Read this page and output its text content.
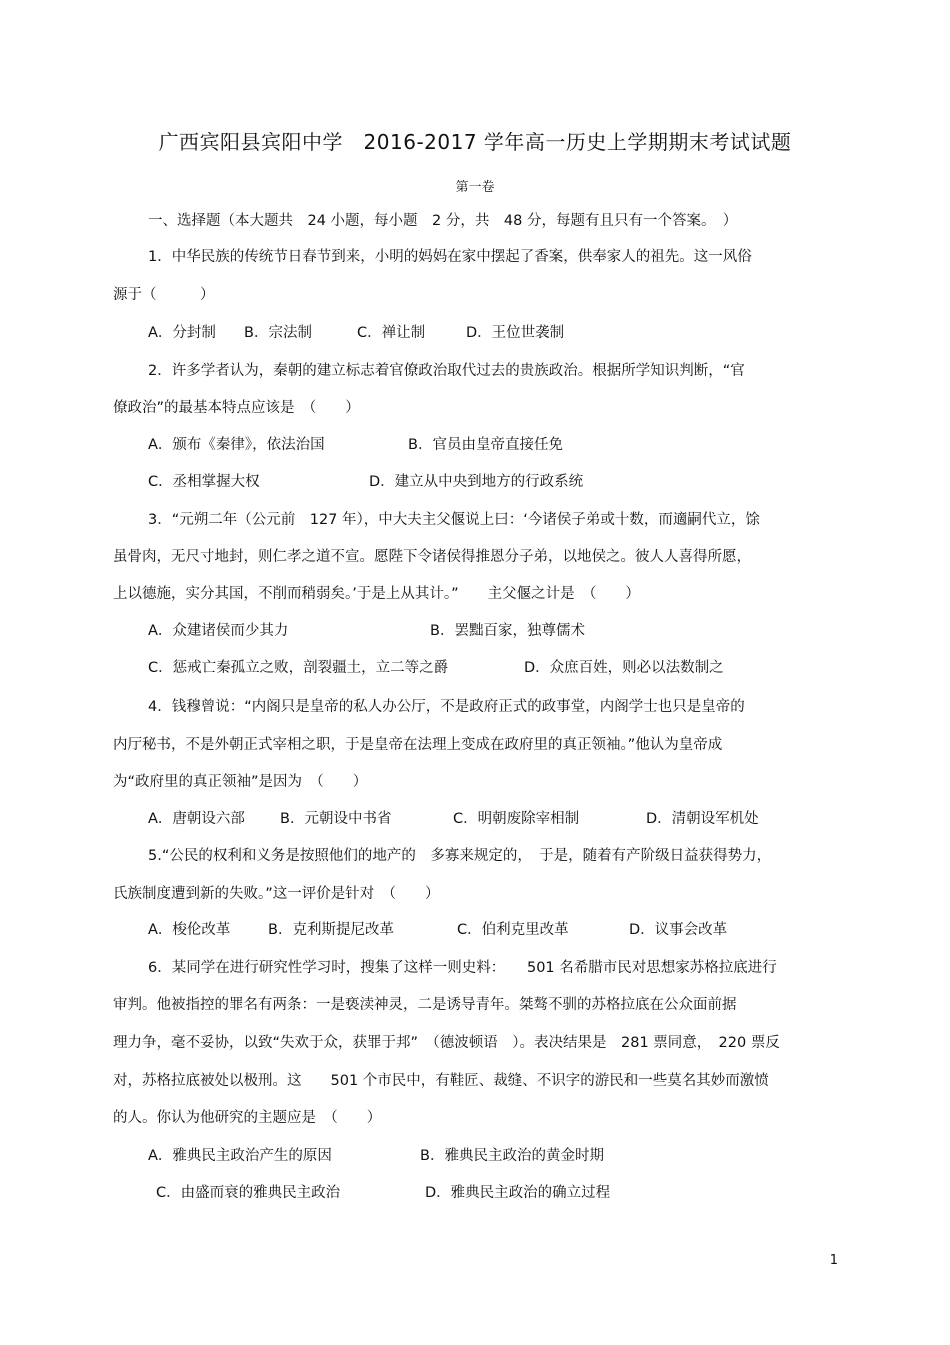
广西宾阳县宾阳中学　2016-2017 学年高一历史上学期期末考试试题
第一卷
一、选择题（本大题共　24 小题，每小题　2 分，共　48 分，每题有且只有一个答案。　）
1．中华民族的传统节日春节到来，小明的妈妈在家中摆起了香案，供奉家人的祖先。这一风俗
源于（　　　）
A．分封制 B．宗法制	C．禅让制	D．王位世袭制
2．许多学者认为，秦朝的建立标志着官僚政治取代过去的贵族政治。根据所学知识判断，“官
僚政治”的最基本特点应该是　（　　）
A．颁布《秦律》，依法治国	B．官员由皇帝直接任免
C．丞相掌握大权	D．建立从中央到地方的行政系统
3．“元朔二年（公元前　127 年），中大夫主父偃说上曰：‘今诸侯子弟或十数，而適嗣代立，馀
虽骨肉，无尺寸地封，则仁孝之道不宣。愿陛下令诸侯得推恩分子弟，以地侯之。彼人人喜得所愿，
上以德施，实分其国，不削而稍弱矣。’于是上从其计。”　　主父偃之计是　（　　）
A．众建诸侯而少其力	B．罢黜百家，独尊儒术
C．惩戒亡秦孤立之败，剖裂疆土，立二等之爵	D．众庶百姓，则必以法数制之
4．钱穆曾说：“内阁只是皇帝的私人办公厅，不是政府正式的政事堂，内阁学士也只是皇帝的
内厅秘书，不是外朝正式宰相之职，于是皇帝在法理上变成在政府里的真正领袖。”他认为皇帝成
为“政府里的真正领袖”是因为　（　　）
A．唐朝设六部 B．元朝设中书省	C．明朝废除宰相制	D．清朝设军机处
5.“公民的权利和义务是按照他们的地产的　多寡来规定的，　于是，随着有产阶级日益获得势力，
氏族制度遭到新的失败。”这一评价是针对　（　　）
A．梭伦改革	B．克利斯提尼改革	C．伯利克里改革	D．议事会改革
6．某同学在进行研究性学习时，搜集了这样一则史料：　　501 名希腊市民对思想家苏格拉底进行
审判。他被指控的罪名有两条：一是亵渎神灵，二是诱导青年。桀骜不驯的苏格拉底在公众面前据
理力争，毫不妥协，以致“失欢于众，获罪于邦”　（德波顿语　）。表决结果是　281 票同意，　220 票反
对，苏格拉底被处以极刑。这　　501 个市民中，有鞋匠、裁缝、不识字的游民和一些莫名其妙而激愤
的人。你认为他研究的主题应是　（　　）
A．雅典民主政治产生的原因	B．雅典民主政治的黄金时期
C．由盛而衰的雅典民主政治	D．雅典民主政治的确立过程
1
